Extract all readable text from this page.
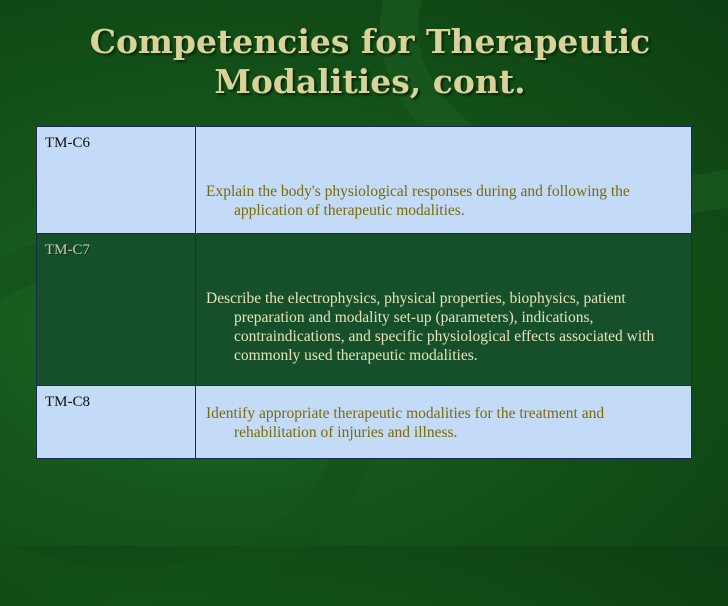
Competencies for Therapeutic
Modalities, cont.
TM-C6	Explain the body's physiological responses during and following the application of therapeutic modalities.

TM-C7	Describe the electrophysics, physical properties, biophysics, patient preparation and modality set-up (parameters), indications, contraindications, and specific physiological effects associated with commonly used therapeutic modalities.

TM-C8	Identify appropriate therapeutic modalities for the treatment and rehabilitation of injuries and illness.
